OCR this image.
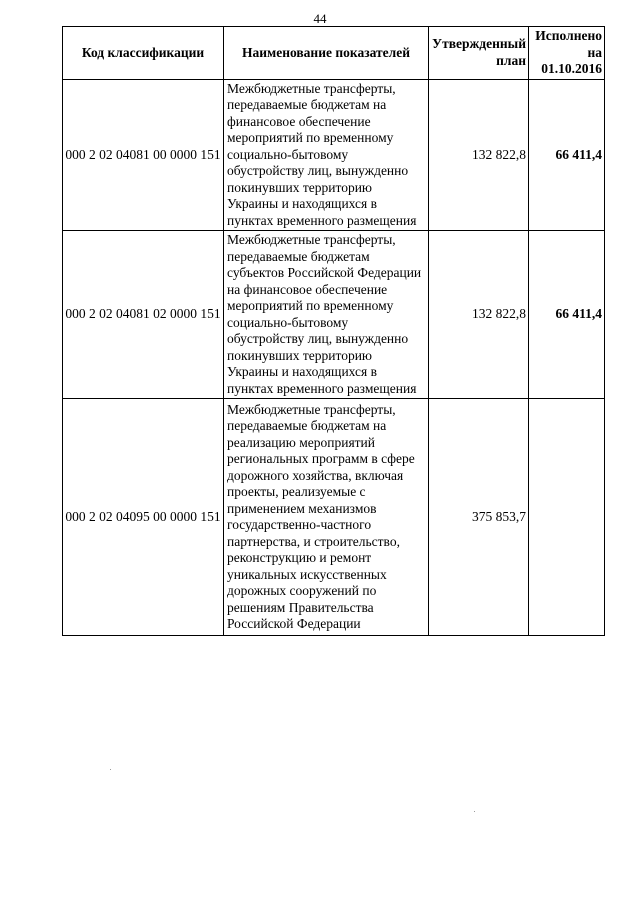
44
Код классификации	Наименование показателей	Утвержденный план	Исполнено на 01.10.2016
000 2 02 04081 00 0000 151	Межбюджетные трансферты, передаваемые бюджетам на финансовое обеспечение мероприятий по временному социально-бытовому обустройству лиц, вынужденно покинувших территорию Украины и находящихся в пунктах временного размещения	132 822,8	66 411,4
000 2 02 04081 02 0000 151	Межбюджетные трансферты, передаваемые бюджетам субъектов Российской Федерации на финансовое обеспечение мероприятий по временному социально-бытовому обустройству лиц, вынужденно покинувших территорию Украины и находящихся в пунктах временного размещения	132 822,8	66 411,4
000 2 02 04095 00 0000 151	Межбюджетные трансферты, передаваемые бюджетам на реализацию мероприятий региональных программ в сфере дорожного хозяйства, включая проекты, реализуемые с применением механизмов государственно-частного партнерства, и строительство, реконструкцию и ремонт уникальных искусственных дорожных сооружений по решениям Правительства Российской Федерации	375 853,7	
